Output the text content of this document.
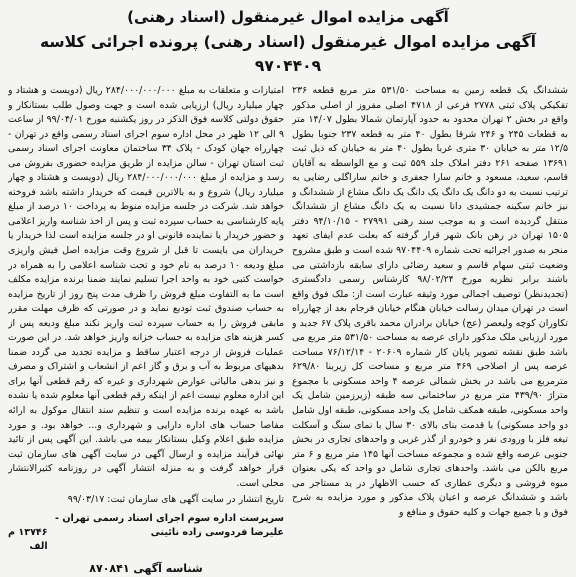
آگهی مزایده اموال غیرمنقول (اسناد رهنی)
آگهی مزایده اموال غیرمنقول (اسناد رهنی) پرونده اجرائی کلاسه ۹۷۰۴۴۰۹

ششدانگ یک قطعه زمین به مساحت ۵۳۱/۵۰ متر مربع قطعه ۲۳۶ تفکیکی پلاک ثبتی ۲۷۷۸ فرعی از ۴۷۱۸ اصلی مفروز از اصلی مذکور واقع در بخش ۲ تهران محدود به حدود آپارتمان شمالا بطول ۱۴/۰۷ متر به قطعات ۲۴۵ و ۲۴۶ شرقا بطول ۴۰ متر به قطعه ۲۳۷ جنوبا بطول ۱۲/۵ متر به خیابان ۳۰ متری غربا بطول ۴۰ متر به خیابان که ذیل ثبت ۱۳۶۹۱ صفحه ۲۶۱ دفتر املاک جلد ۵۵۹ ثبت و مع الواسطه به آقایان قاسم، سعید، مسعود و خانم سارا جعفری و خانم ساراگلی رضایی به ترتیب نسبت به دو دانگ یک دانگ یک دانگ یک دانگ مشاع از ششدانگ و نیز خانم سکینه جمشیدی دانا نسبت به یک دانگ مشاع از ششدانگ منتقل گردیده است و به موجب سند رهنی ۲۷۹۹۱ - ۹۴/۱۰/۱۵ دفتر ۱۵۰۵ تهران در رهن بانک شهر قرار گرفته که بعلت عدم ایفای تعهد منجر به صدور اجرائیه تحت شماره ۹۷۰۴۴۰۹ شده است و طبق مشروح وضعیت ثبتی سهام قاسم و سعید رضائی دارای سابقه بازداشتی می باشند برابر نظریه مورخ ۹۸/۰۲/۲۴ کارشناس رسمی دادگستری (تجدیدنظر) توصیف اجمالی مورد وثیقه عبارت است از: ملک فوق واقع است در تهران میدان رسالت خیابان هنگام خیابان فرجام بعد از چهارراه تکاوران کوچه ولیعصر (عج) خیابان برادران محمد باقری پلاک ۶۷ جدید و مورد ارزیابی ملک مذکور دارای عرصه به مساحت ۵۳۱/۵۰ متر مربع می باشد طبق نقشه تصویر پایان کار شماره ۲۰۶۰۹ - ۷۶/۱۲/۱۴ مساحت عرصه پس از اصلاحی ۴۶۹ متر مربع و مساحت کل زیربنا ۶۲۹/۸۰ مترمربع می باشد در بخش شمالی عرصه ۴ واحد مسکونی با مجموع متراژ ۴۳۹/۹۰ متر مربع در ساختمانی سه طبقه (زیرزمین شامل یک واحد مسکونی، طبقه همکف شامل یک واحد مسکونی، طبقه اول شامل دو واحد مسکونی) با قدمت بنای بالای ۳۰ سال با نمای سنگ و آسکلت تیغه فلز با ورودی نفر و خودرو از گذر غربی و واحدهای تجاری در بخش جنوبی عرصه واقع شده و مجموعه مساحت آنها ۱۴۵ متر مربع و ۶ متر مربع بالکن می باشد. واحدهای تجاری شامل دو واحد که یکی بعنوان میوه فروشی و دیگری عطاری که حسب الاظهار در ید مستاجر می باشد و ششدانگ عرصه و اعیان پلاک مذکور و مورد مزایده به شرح فوق و با جمیع جهات و کلیه حقوق و منافع و

امتیازات و متعلقات به مبلغ ۲۸۴/۰۰۰/۰۰۰/۰۰۰ ریال (دویست و هشتاد و چهار میلیارد ریال) ارزیابی شده است و جهت وصول طلب بستانکار و حقوق دولتی کلاسه فوق الذکر در روز یکشنبه مورخ ۹۹/۰۴/۰۱ از ساعت ۹ الی ۱۲ ظهر در محل اداره سوم اجرای اسناد رسمی واقع در تهران - چهارراه جهان کودک - پلاک ۳۴ ساختمان معاونت اجرای اسناد رسمی ثبت استان تهران - سالن مزایده از طریق مزایده حضوری بفروش می رسد و مزایده از مبلغ ۲۸۴/۰۰۰/۰۰۰/۰۰۰ ریال (دویست و هشتاد و چهار میلیارد ریال) شروع و به بالاترین قیمت که خریدار داشته باشد فروخته خواهد شد. شرکت در جلسه مزایده منوط به پرداخت ۱۰ درصد از مبلغ پایه کارشناسی به حساب سپرده ثبت و پس از اخذ شناسه واریز اعلامی و حضور خریدار یا نماینده قانونی او در جلسه مزایده است لذا خریدار یا خریداران می بایست تا قبل از شروع وقت مزایده اصل فیش واریزی مبلغ ودیعه ۱۰ درصد به نام خود و تحت شناسه اعلامی را به همراه در خواست کتبی خود به واحد اجرا تسلیم نمایند ضمنا برنده مزایده مکلف است ما به التفاوت مبلغ فروش را ظرف مدت پنج روز از تاریخ مزایده به حساب صندوق ثبت تودیع نماید و در صورتی که ظرف مهلت مقرر مابقی فروش را به حساب سپرده ثبت واریز نکند مبلغ ودیعه پس از کسر هزینه های مزایده به حساب خزانه واریز خواهد شد. در این صورت عملیات فروش از درجه اعتبار ساقط و مزایده تجدید می گردد ضمنا بدهیهای مربوط به آب و برق و گاز اعم از انشعاب و اشتراک و مصرف و نیز بدهی مالیاتی عوارض شهرداری و غیره که رقم قطعی آنها برای این اداره معلوم نیست اعم از اینکه رقم قطعی آنها معلوم شده یا نشده باشد به عهده برنده مزایده است و تنظیم سند انتقال موکول به ارائه مفاصا حساب های اداره دارایی و شهرداری و... خواهد بود. و مورد مزایده طبق اعلام وکیل بستانکار بیمه می باشد. این آگهی پس از تائید نهائی فرآیند مزایده و ارسال آگهی در سایت آگهی های سازمان ثبت قرار خواهد گرفت و به منزله انتشار آگهی در روزنامه کثیرالانتشار محلی است.

تاریخ انتشار در سایت آگهی های سازمان ثبت: ۹۹/۰۳/۱۷
سرپرست اداره سوم اجرای اسناد رسمی تهران - علیرضا فردوسی زاده نائینی
۱۳۷۴۶ م الف
شناسه آگهی ۸۷۰۸۴۱
